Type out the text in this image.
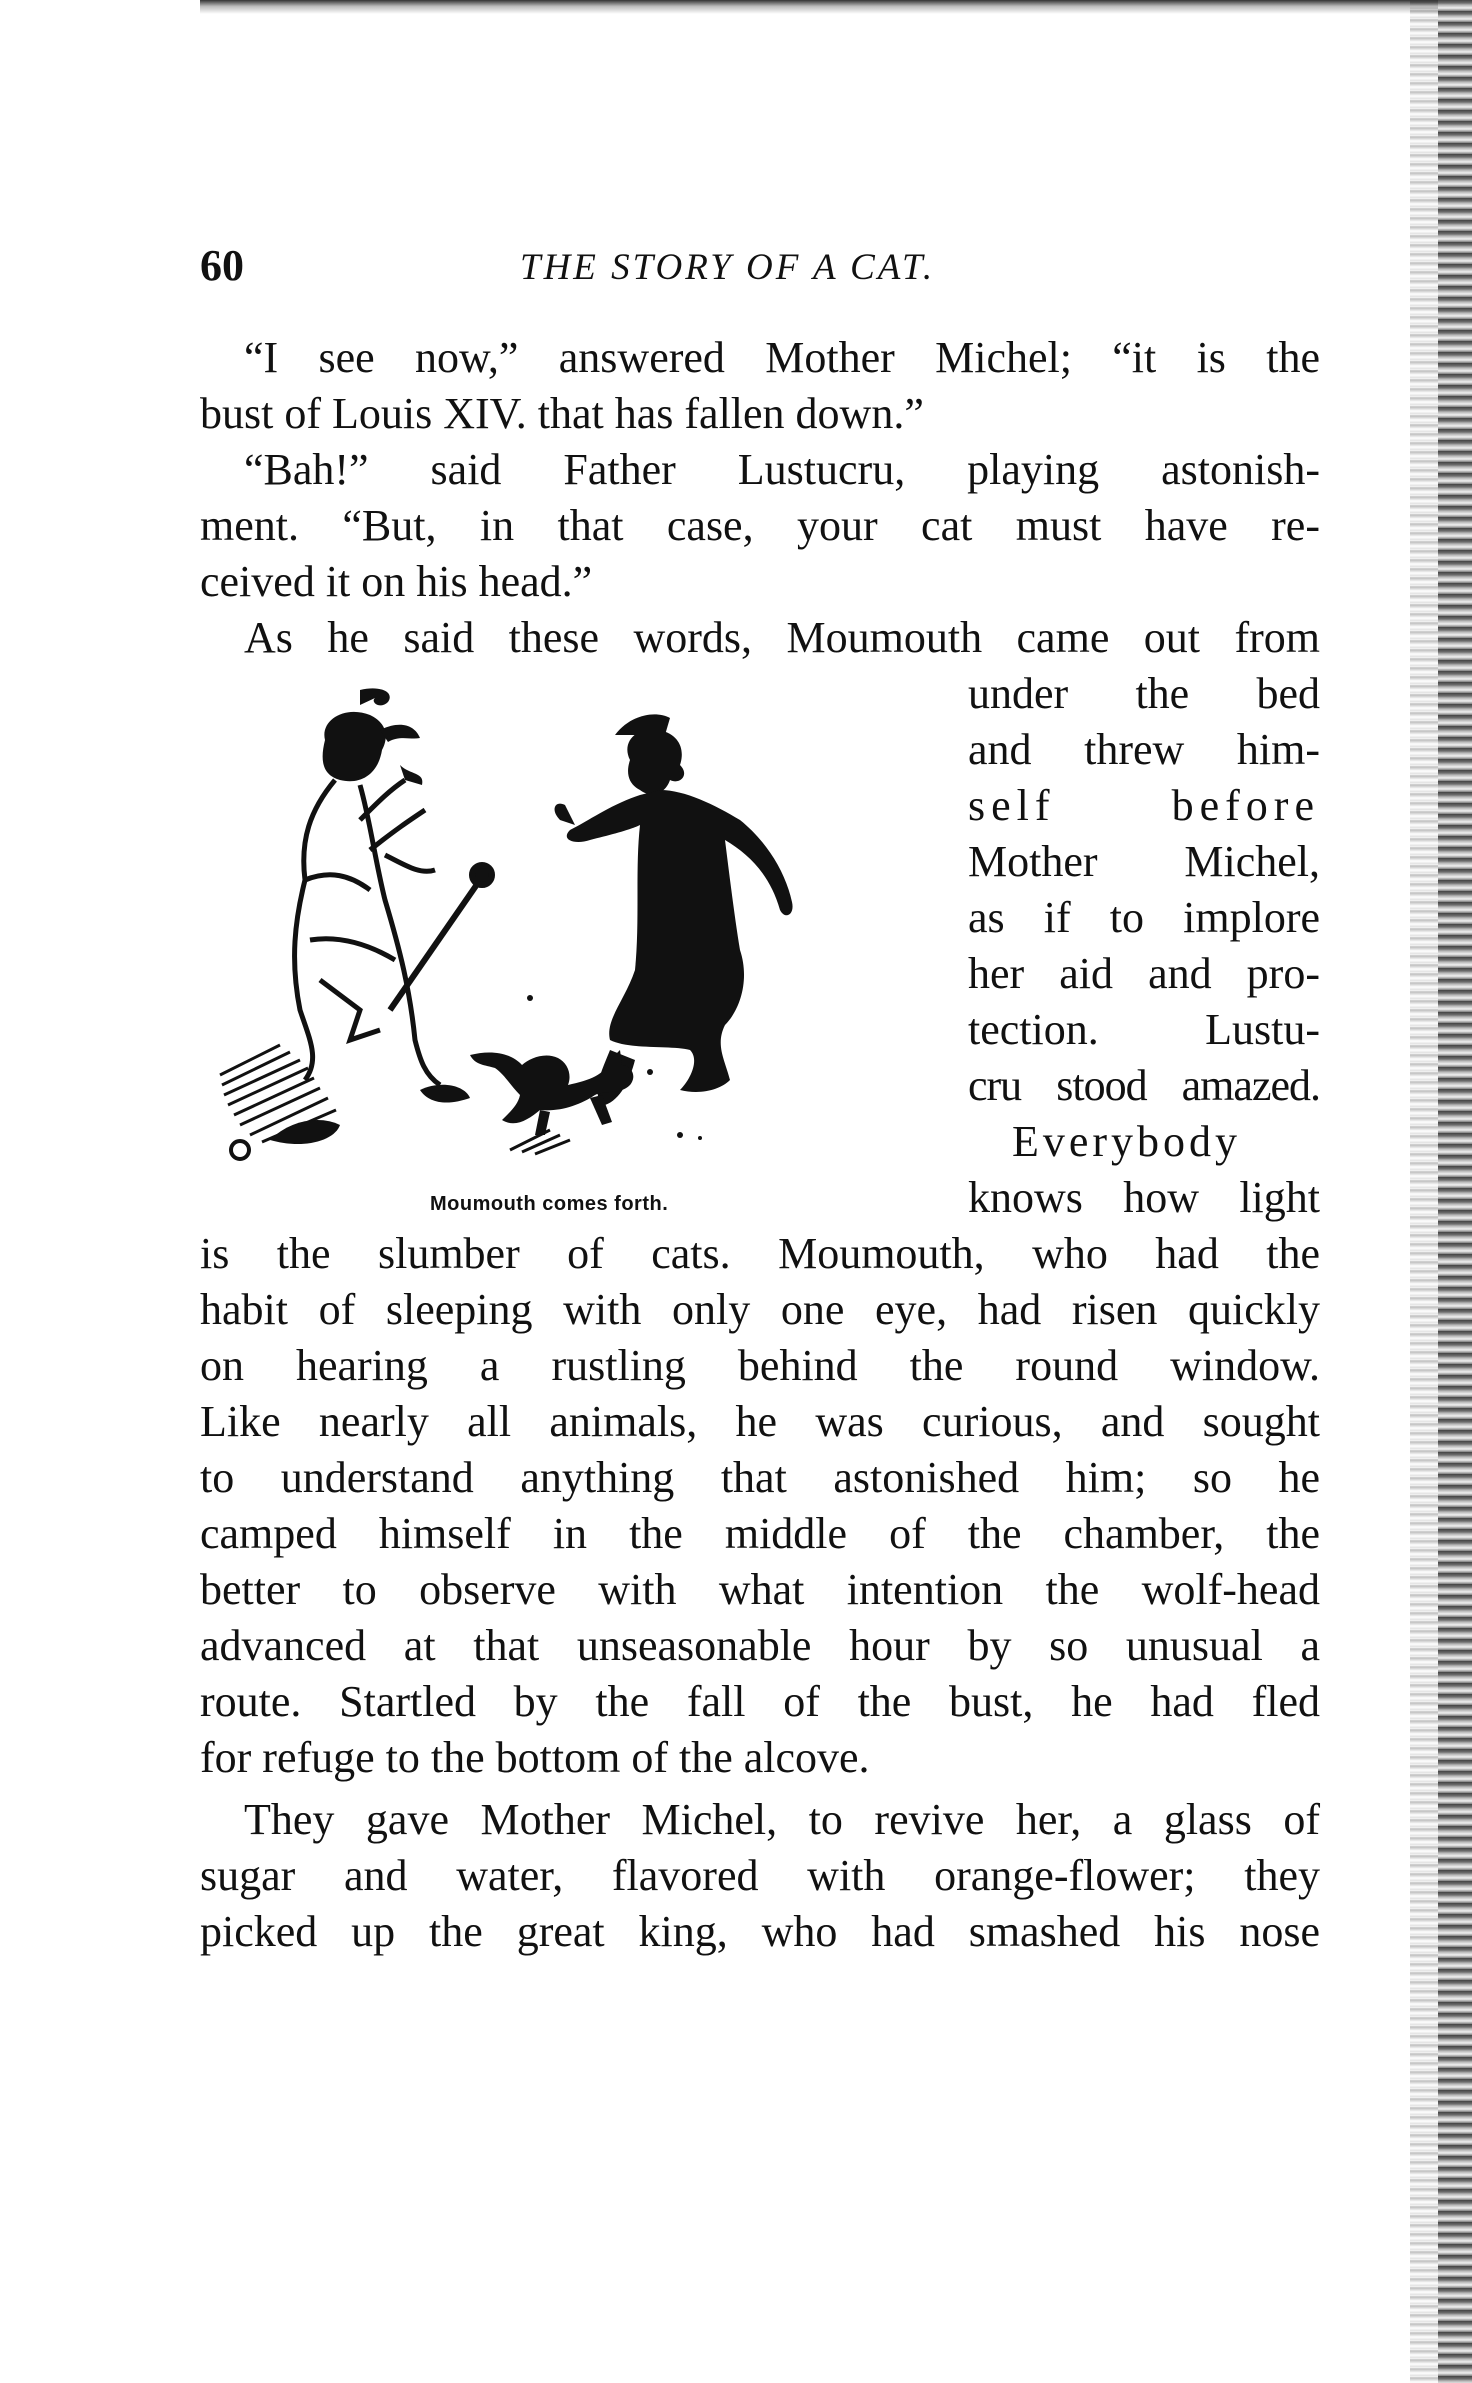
60	THE STORY OF A CAT.
Moumouth comes forth.
“I see now,” answered Mother Michel; “it is the
bust of Louis XIV. that has fallen down.”
“Bah!” said Father Lustucru, playing astonish-
ment. “But, in that case, your cat must have re-
ceived it on his head.”
As he said these words, Moumouth came out from
under the bed
and threw him-
self before
Mother Michel,
as if to implore
her aid and pro-
tection. Lustu-
cru stood amazed.
Everybody
knows how light
is the slumber of cats. Moumouth, who had the
habit of sleeping with only one eye, had risen quickly
on hearing a rustling behind the round window.
Like nearly all animals, he was curious, and sought
to understand anything that astonished him; so he
camped himself in the middle of the chamber, the
better to observe with what intention the wolf-head
advanced at that unseasonable hour by so unusual a
route. Startled by the fall of the bust, he had fled
for refuge to the bottom of the alcove.
They gave Mother Michel, to revive her, a glass of
sugar and water, flavored with orange-flower; they
picked up the great king, who had smashed his nose
